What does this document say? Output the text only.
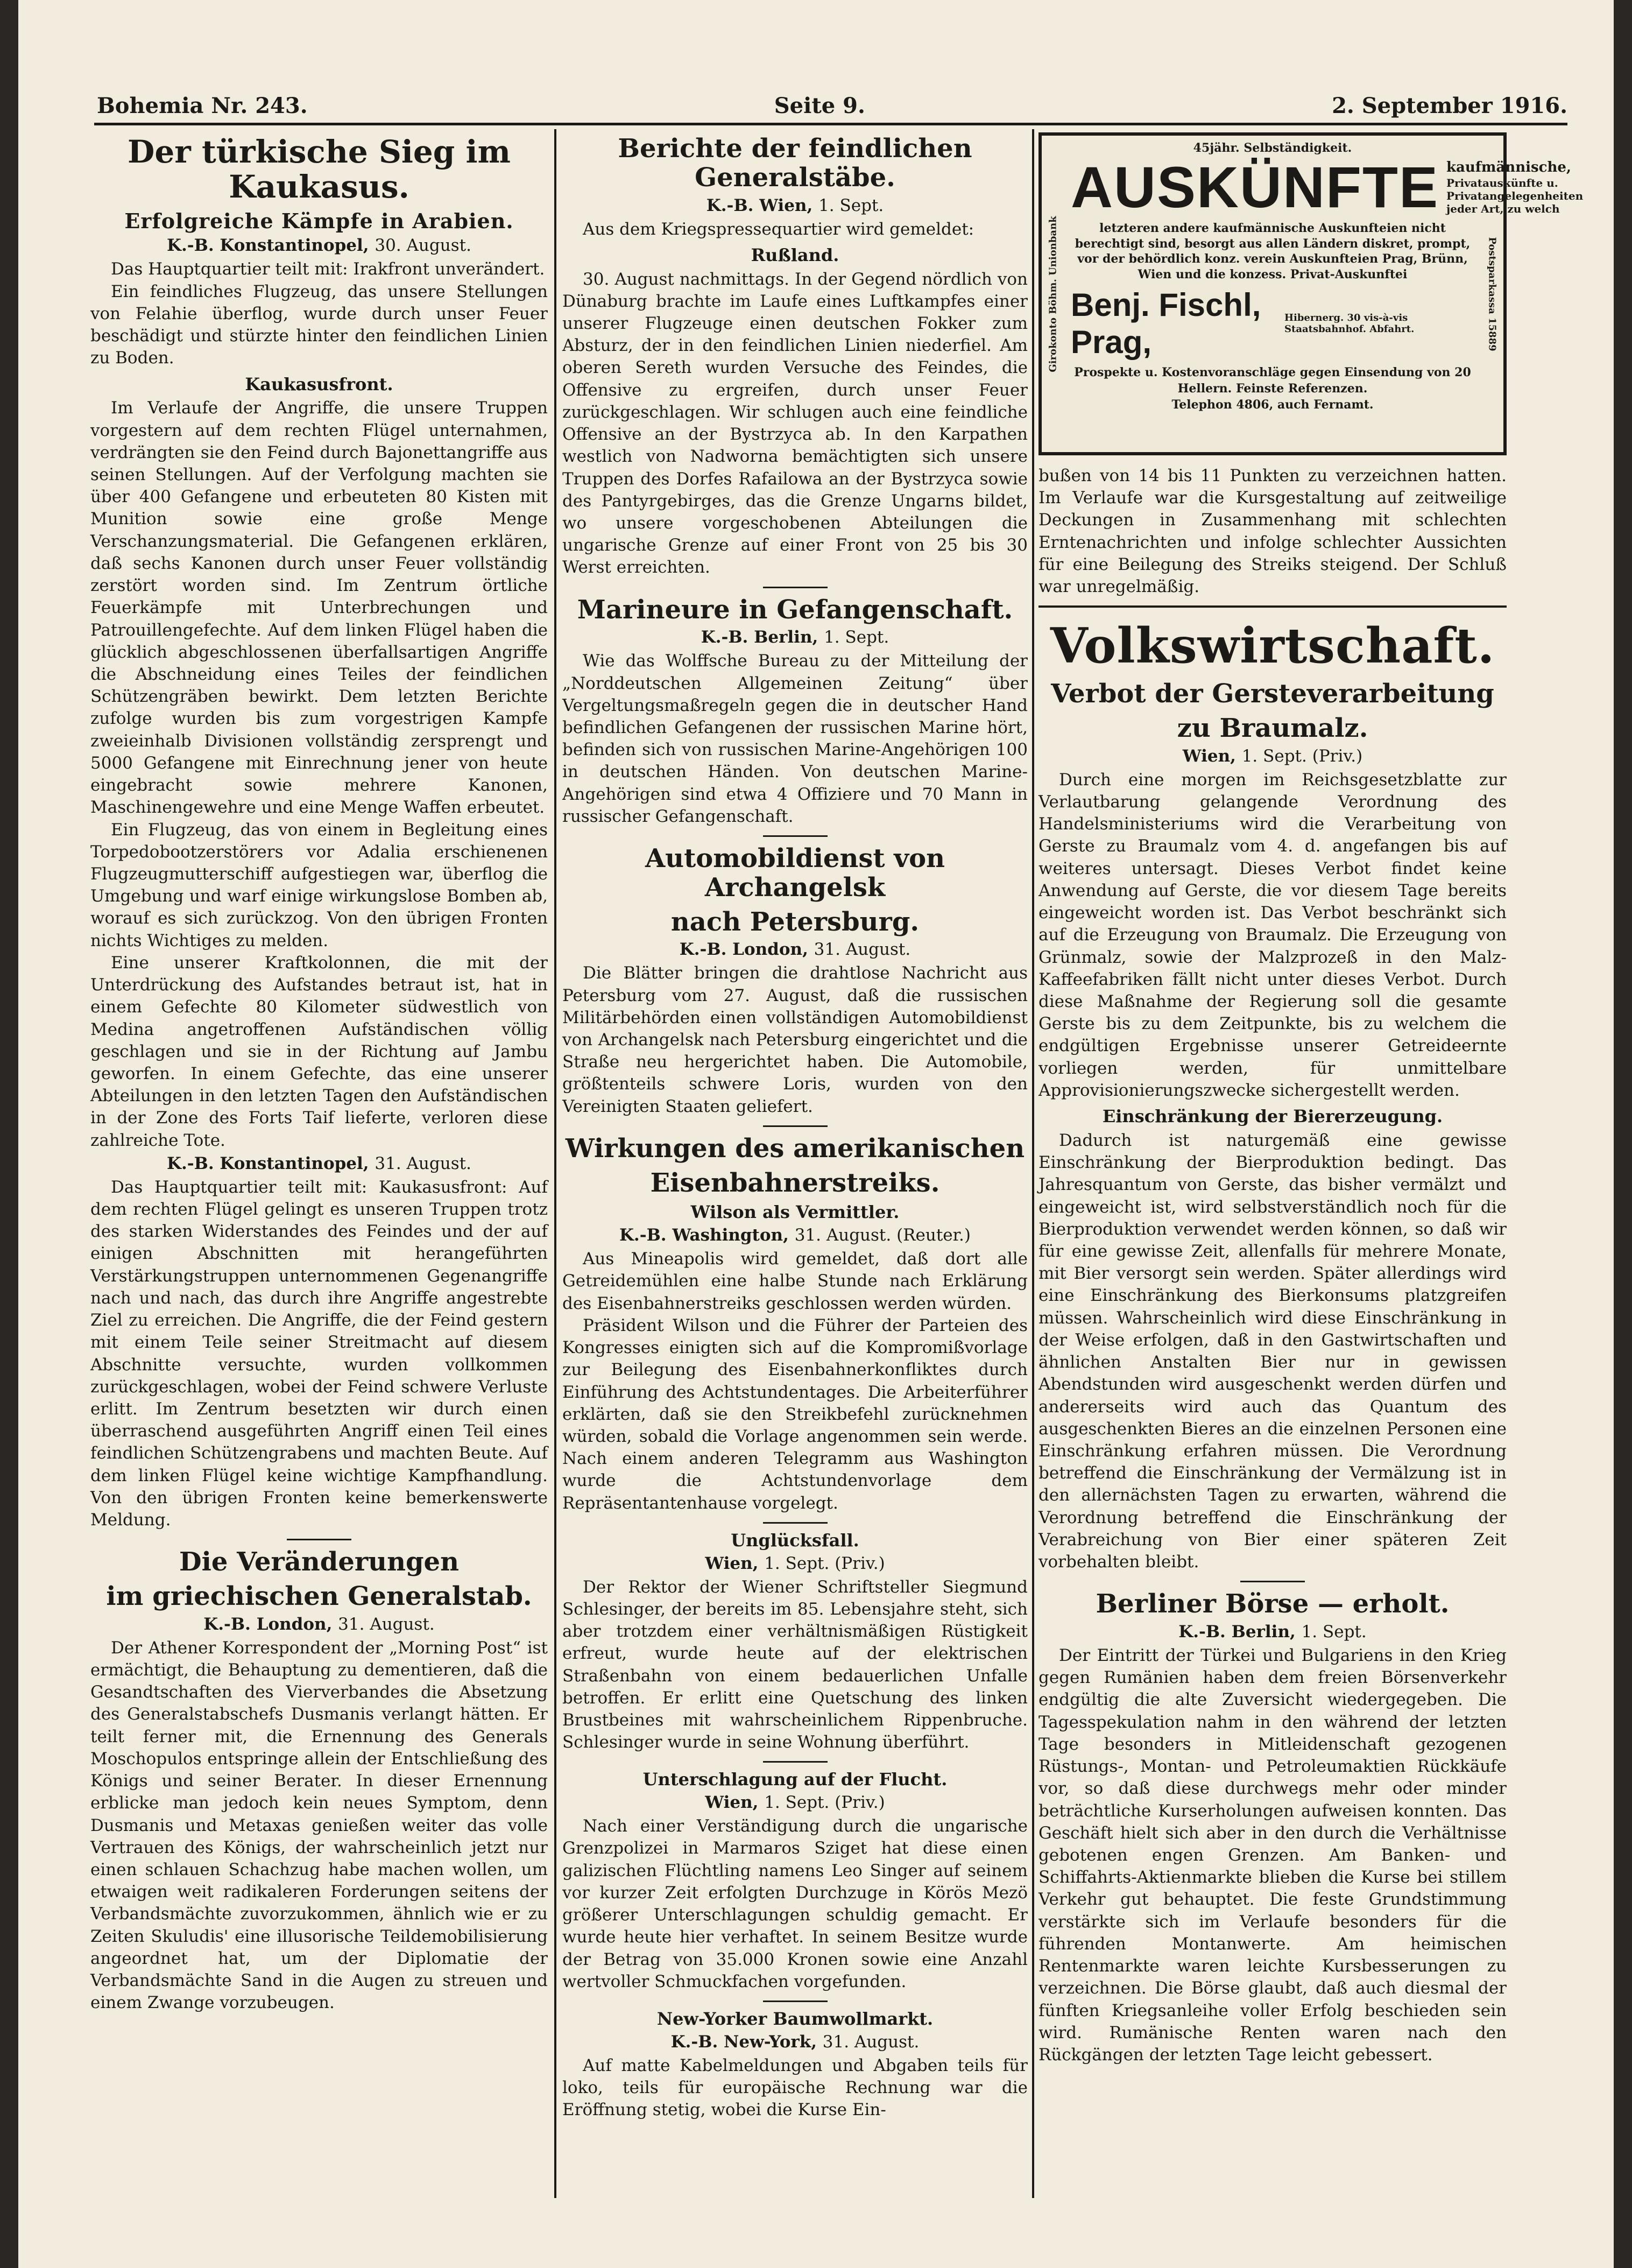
Bohemia Nr. 243.	Seite 9.	2. September 1916.
Der türkische Sieg im Kaukasus.
Erfolgreiche Kämpfe in Arabien.
K.-B. Konstantinopel, 30. August.

Das Hauptquartier teilt mit: Irakfront unverändert.

Ein feindliches Flugzeug, das unsere Stellungen von Felahie überflog, wurde durch unser Feuer beschädigt und stürzte hinter den feindlichen Linien zu Boden.

Kaukasusfront.

Im Verlaufe der Angriffe, die unsere Truppen vorgestern auf dem rechten Flügel unternahmen, verdrängten sie den Feind durch Bajonettangriffe aus seinen Stellungen. Auf der Verfolgung machten sie über 400 Gefangene und erbeuteten 80 Kisten mit Munition sowie eine große Menge Verschanzungsmaterial. Die Gefangenen erklären, daß sechs Kanonen durch unser Feuer vollständig zerstört worden sind. Im Zentrum örtliche Feuerkämpfe mit Unterbrechungen und Patrouillengefechte. Auf dem linken Flügel haben die glücklich abgeschlossenen überfallsartigen Angriffe die Abschneidung eines Teiles der feindlichen Schützengräben bewirkt. Dem letzten Berichte zufolge wurden bis zum vorgestrigen Kampfe zweieinhalb Divisionen vollständig zersprengt und 5000 Gefangene mit Einrechnung jener von heute eingebracht sowie mehrere Kanonen, Maschinengewehre und eine Menge Waffen erbeutet.

Ein Flugzeug, das von einem in Begleitung eines Torpedobootzerstörers vor Adalia erschienenen Flugzeugmutterschiff aufgestiegen war, überflog die Umgebung und warf einige wirkungslose Bomben ab, worauf es sich zurückzog. Von den übrigen Fronten nichts Wichtiges zu melden.

Eine unserer Kraftkolonnen, die mit der Unterdrückung des Aufstandes betraut ist, hat in einem Gefechte 80 Kilometer südwestlich von Medina angetroffenen Aufständischen völlig geschlagen und sie in der Richtung auf Jambu geworfen. In einem Gefechte, das eine unserer Abteilungen in den letzten Tagen den Aufständischen in der Zone des Forts Taif lieferte, verloren diese zahlreiche Tote.

K.-B. Konstantinopel, 31. August.

Das Hauptquartier teilt mit: Kaukasusfront: Auf dem rechten Flügel gelingt es unseren Truppen trotz des starken Widerstandes des Feindes und der auf einigen Abschnitten mit herangeführten Verstärkungstruppen unternommenen Gegenangriffe nach und nach, das durch ihre Angriffe angestrebte Ziel zu erreichen. Die Angriffe, die der Feind gestern mit einem Teile seiner Streitmacht auf diesem Abschnitte versuchte, wurden vollkommen zurückgeschlagen, wobei der Feind schwere Verluste erlitt. Im Zentrum besetzten wir durch einen überraschend ausgeführten Angriff einen Teil eines feindlichen Schützengrabens und machten Beute. Auf dem linken Flügel keine wichtige Kampfhandlung. Von den übrigen Fronten keine bemerkenswerte Meldung.

Die Veränderungen
im griechischen Generalstab.
K.-B. London, 31. August.

Der Athener Korrespondent der „Morning Post“ ist ermächtigt, die Behauptung zu dementieren, daß die Gesandtschaften des Vierverbandes die Absetzung des Generalstabschefs Dusmanis verlangt hätten. Er teilt ferner mit, die Ernennung des Generals Moschopulos entspringe allein der Entschließung des Königs und seiner Berater. In dieser Ernennung erblicke man jedoch kein neues Symptom, denn Dusmanis und Metaxas genießen weiter das volle Vertrauen des Königs, der wahrscheinlich jetzt nur einen schlauen Schachzug habe machen wollen, um etwaigen weit radikaleren Forderungen seitens der Verbandsmächte zuvorzukommen, ähnlich wie er zu Zeiten Skuludis' eine illusorische Teildemobilisierung angeordnet hat, um der Diplomatie der Verbandsmächte Sand in die Augen zu streuen und einem Zwange vorzubeugen.

Berichte der feindlichen Generalstäbe.
K.-B. Wien, 1. Sept.

Aus dem Kriegspressequartier wird gemeldet:

Rußland.

30. August nachmittags. In der Gegend nördlich von Dünaburg brachte im Laufe eines Luftkampfes einer unserer Flugzeuge einen deutschen Fokker zum Absturz, der in den feindlichen Linien niederfiel. Am oberen Sereth wurden Versuche des Feindes, die Offensive zu ergreifen, durch unser Feuer zurückgeschlagen. Wir schlugen auch eine feindliche Offensive an der Bystrzyca ab. In den Karpathen westlich von Nadworna bemächtigten sich unsere Truppen des Dorfes Rafailowa an der Bystrzyca sowie des Pantyrgebirges, das die Grenze Ungarns bildet, wo unsere vorgeschobenen Abteilungen die ungarische Grenze auf einer Front von 25 bis 30 Werst erreichten.

Marineure in Gefangenschaft.
K.-B. Berlin, 1. Sept.

Wie das Wolffsche Bureau zu der Mitteilung der „Norddeutschen Allgemeinen Zeitung“ über Vergeltungsmaßregeln gegen die in deutscher Hand befindlichen Gefangenen der russischen Marine hört, befinden sich von russischen Marine-Angehörigen 100 in deutschen Händen. Von deutschen Marine-Angehörigen sind etwa 4 Offiziere und 70 Mann in russischer Gefangenschaft.

Automobildienst von Archangelsk
nach Petersburg.
K.-B. London, 31. August.

Die Blätter bringen die drahtlose Nachricht aus Petersburg vom 27. August, daß die russischen Militärbehörden einen vollständigen Automobildienst von Archangelsk nach Petersburg eingerichtet und die Straße neu hergerichtet haben. Die Automobile, größtenteils schwere Loris, wurden von den Vereinigten Staaten geliefert.

Wirkungen des amerikanischen
Eisenbahnerstreiks.
Wilson als Vermittler.
K.-B. Washington, 31. August. (Reuter.)

Aus Mineapolis wird gemeldet, daß dort alle Getreidemühlen eine halbe Stunde nach Erklärung des Eisenbahnerstreiks geschlossen werden würden.

Präsident Wilson und die Führer der Parteien des Kongresses einigten sich auf die Kompromißvorlage zur Beilegung des Eisenbahnerkonfliktes durch Einführung des Achtstundentages. Die Arbeiterführer erklärten, daß sie den Streikbefehl zurücknehmen würden, sobald die Vorlage angenommen sein werde. Nach einem anderen Telegramm aus Washington wurde die Achtstundenvorlage dem Repräsentantenhause vorgelegt.

Unglücksfall.
Wien, 1. Sept. (Priv.)

Der Rektor der Wiener Schriftsteller Siegmund Schlesinger, der bereits im 85. Lebensjahre steht, sich aber trotzdem einer verhältnismäßigen Rüstigkeit erfreut, wurde heute auf der elektrischen Straßenbahn von einem bedauerlichen Unfalle betroffen. Er erlitt eine Quetschung des linken Brustbeines mit wahrscheinlichem Rippenbruche. Schlesinger wurde in seine Wohnung überführt.

Unterschlagung auf der Flucht.
Wien, 1. Sept. (Priv.)

Nach einer Verständigung durch die ungarische Grenzpolizei in Marmaros Sziget hat diese einen galizischen Flüchtling namens Leo Singer auf seinem vor kurzer Zeit erfolgten Durchzuge in Körös Mezö größerer Unterschlagungen schuldig gemacht. Er wurde heute hier verhaftet. In seinem Besitze wurde der Betrag von 35.000 Kronen sowie eine Anzahl wertvoller Schmuckfachen vorgefunden.

New-Yorker Baumwollmarkt.
K.-B. New-York, 31. August.

Auf matte Kabelmeldungen und Abgaben teils für loko, teils für europäische Rechnung war die Eröffnung stetig, wobei die Kurse Ein-

Girokonto Böhm. Unionbank	Postsparkassa 15889
45jähr. Selbständigkeit.
AUSKÜNFTE kaufmännische,
Privatauskünfte u. Privatangelegenheiten jeder Art, zu welch
letzteren andere kaufmännische Auskunfteien nicht berechtigt sind, besorgt aus allen Ländern diskret, prompt, vor der behördlich konz. verein Auskunfteien Prag, Brünn, Wien und die konzess. Privat-Auskunftei
Benj. Fischl, Prag,
Hibernerg. 30 vis-à-vis Staatsbahnhof. Abfahrt.
Prospekte u. Kostenvoranschläge gegen Einsendung von 20 Hellern. Feinste Referenzen.
Telephon 4806, auch Fernamt.

bußen von 14 bis 11 Punkten zu verzeichnen hatten. Im Verlaufe war die Kursgestaltung auf zeitweilige Deckungen in Zusammenhang mit schlechten Erntenachrichten und infolge schlechter Aussichten für eine Beilegung des Streiks steigend. Der Schluß war unregelmäßig.

Volkswirtschaft.
Verbot der Gersteverarbeitung
zu Braumalz.
Wien, 1. Sept. (Priv.)

Durch eine morgen im Reichsgesetzblatte zur Verlautbarung gelangende Verordnung des Handelsministeriums wird die Verarbeitung von Gerste zu Braumalz vom 4. d. angefangen bis auf weiteres untersagt. Dieses Verbot findet keine Anwendung auf Gerste, die vor diesem Tage bereits eingeweicht worden ist. Das Verbot beschränkt sich auf die Erzeugung von Braumalz. Die Erzeugung von Grünmalz, sowie der Malzprozeß in den Malz-Kaffeefabriken fällt nicht unter dieses Verbot. Durch diese Maßnahme der Regierung soll die gesamte Gerste bis zu dem Zeitpunkte, bis zu welchem die endgültigen Ergebnisse unserer Getreideernte vorliegen werden, für unmittelbare Approvisionierungszwecke sichergestellt werden.

Einschränkung der Biererzeugung.

Dadurch ist naturgemäß eine gewisse Einschränkung der Bierproduktion bedingt. Das Jahresquantum von Gerste, das bisher vermälzt und eingeweicht ist, wird selbstverständlich noch für die Bierproduktion verwendet werden können, so daß wir für eine gewisse Zeit, allenfalls für mehrere Monate, mit Bier versorgt sein werden. Später allerdings wird eine Einschränkung des Bierkonsums platzgreifen müssen. Wahrscheinlich wird diese Einschränkung in der Weise erfolgen, daß in den Gastwirtschaften und ähnlichen Anstalten Bier nur in gewissen Abendstunden wird ausgeschenkt werden dürfen und andererseits wird auch das Quantum des ausgeschenkten Bieres an die einzelnen Personen eine Einschränkung erfahren müssen. Die Verordnung betreffend die Einschränkung der Vermälzung ist in den allernächsten Tagen zu erwarten, während die Verordnung betreffend die Einschränkung der Verabreichung von Bier einer späteren Zeit vorbehalten bleibt.

Berliner Börse — erholt.
K.-B. Berlin, 1. Sept.

Der Eintritt der Türkei und Bulgariens in den Krieg gegen Rumänien haben dem freien Börsenverkehr endgültig die alte Zuversicht wiedergegeben. Die Tagesspekulation nahm in den während der letzten Tage besonders in Mitleidenschaft gezogenen Rüstungs-, Montan- und Petroleumaktien Rückkäufe vor, so daß diese durchwegs mehr oder minder beträchtliche Kurserholungen aufweisen konnten. Das Geschäft hielt sich aber in den durch die Verhältnisse gebotenen engen Grenzen. Am Banken- und Schiffahrts-Aktienmarkte blieben die Kurse bei stillem Verkehr gut behauptet. Die feste Grundstimmung verstärkte sich im Verlaufe besonders für die führenden Montanwerte. Am heimischen Rentenmarkte waren leichte Kursbesserungen zu verzeichnen. Die Börse glaubt, daß auch diesmal der fünften Kriegsanleihe voller Erfolg beschieden sein wird. Rumänische Renten waren nach den Rückgängen der letzten Tage leicht gebessert.
